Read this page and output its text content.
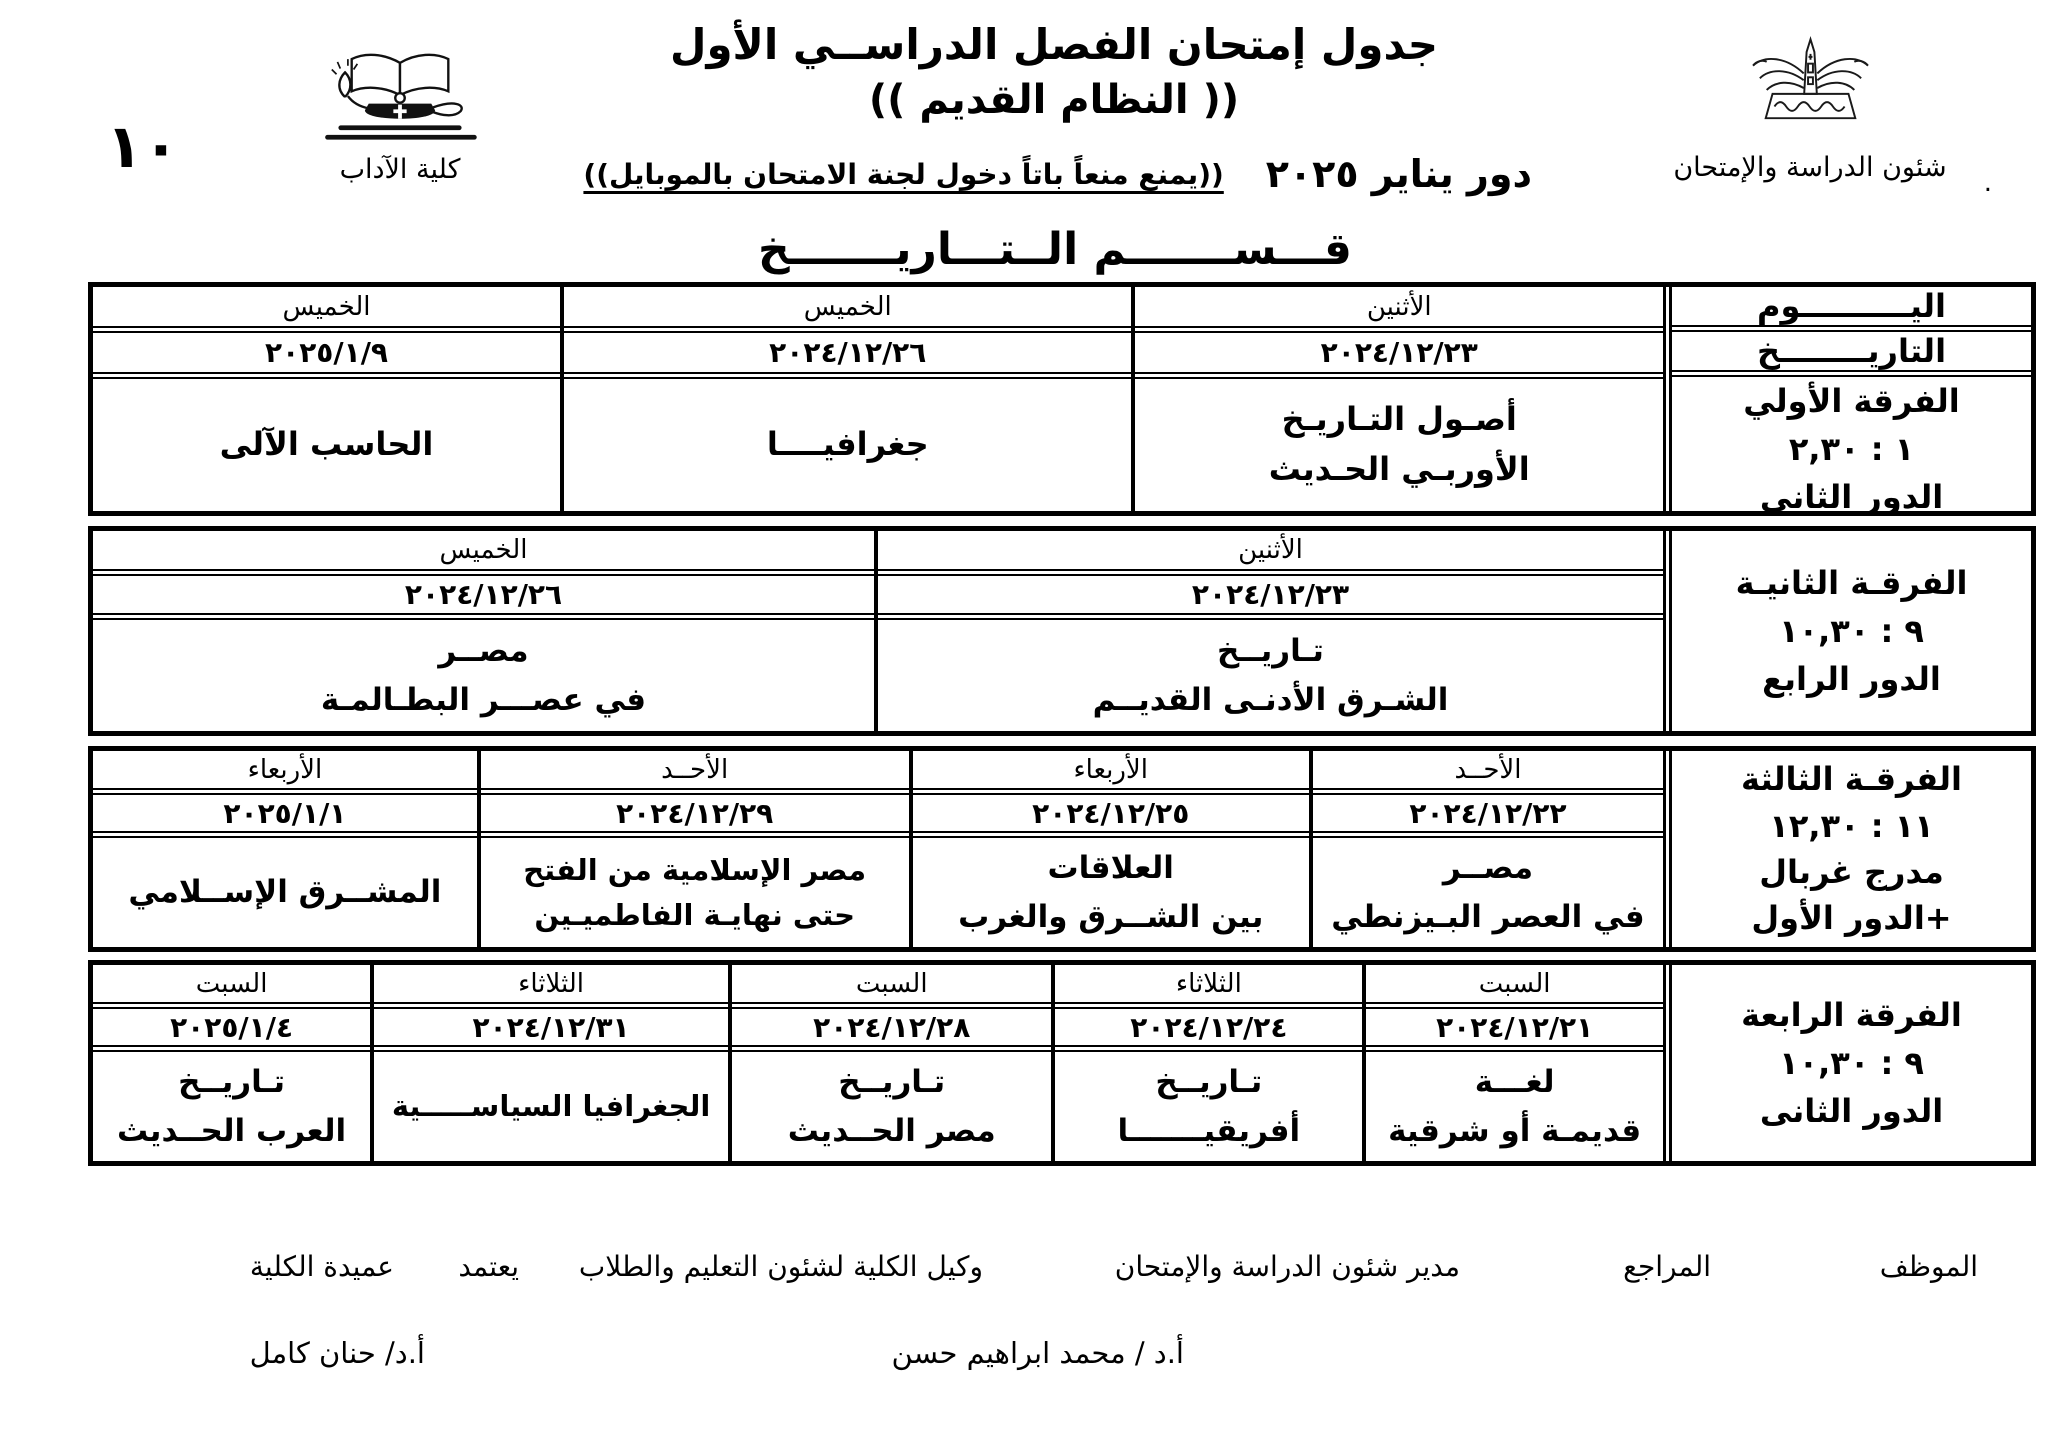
شئون الدراسة والإمتحان	.
كلية الآداب
١٠
جدول إمتحان الفصل الدراســي الأول
(( النظام القديم ))
دور يناير ٢٠٢٥
((يمنع منعاً باتاً دخول لجنة الامتحان بالموبايل))
قـــســـــــم الــتـــاريـــــــخ
اليــــــــــوم
التاريــــــــخ
الفرقة الأولي
١ : ٢,٣٠
الدور الثانى
الأثنين
٢٠٢٤/١٢/٢٣
أصـول التـاريـخ
الأوربـي الحـديث
الخميس
٢٠٢٤/١٢/٢٦
جغرافيــــا
الخميس
٢٠٢٥/١/٩
الحاسب الآلى
الفرقـة الثانيـة
٩ : ١٠,٣٠
الدور الرابع
الأثنين
٢٠٢٤/١٢/٢٣
تـاريــخ
الشـرق الأدنـى القديــم
الخميس
٢٠٢٤/١٢/٢٦
مصــر
في عصـــر البطـالمـة
الفرقـة الثالثة
١١ : ١٢,٣٠
مدرج غربال
+الدور الأول
الأحــد
٢٠٢٤/١٢/٢٢
مصــر
في العصر البـيزنطي
الأربعاء
٢٠٢٤/١٢/٢٥
العلاقات
بين الشــرق والغرب
الأحــد
٢٠٢٤/١٢/٢٩
مصر الإسلامية من الفتح
حتى نهايـة الفاطميـين
الأربعاء
٢٠٢٥/١/١
المشــرق الإســلامي
الفرقة الرابعة
٩ : ١٠,٣٠
الدور الثانى
السبت
٢٠٢٤/١٢/٢١
لغـــة
قديمـة أو شرقية
الثلاثاء
٢٠٢٤/١٢/٢٤
تـاريــخ
أفريقيـــــــا
السبت
٢٠٢٤/١٢/٢٨
تـاريــخ
مصر الحــديث
الثلاثاء
٢٠٢٤/١٢/٣١
الجغرافيا السياســـــية
السبت
٢٠٢٥/١/٤
تـاريــخ
العرب الحــديث
الموظف
المراجع
مدير شئون الدراسة والإمتحان
وكيل الكلية لشئون التعليم والطلاب
يعتمد
عميدة الكلية
أ.د / محمد ابراهيم حسن
أ.د/ حنان كامل
